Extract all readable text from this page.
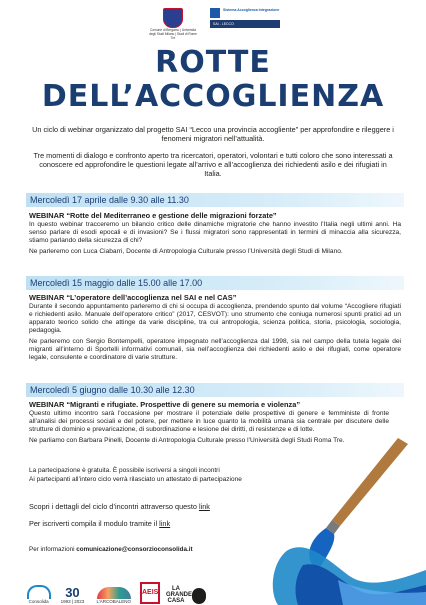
Comune di Bergamo | Università degli Studi Milano | Studi di Rome Tre
Sistema Accoglienza Integrazione
SAI - LECCO
ROTTE
DELL’ACCOGLIENZA
Un ciclo di webinar organizzato dal progetto SAI “Lecco una provincia accogliente” per approfondire e rileggere i fenomeni migratori nell’attualità.
Tre momenti di dialogo e confronto aperto tra ricercatori, operatori, volontari e tutti coloro che sono interessati a conoscere ed approfondire le questioni legate all’arrivo e all’accoglienza dei richiedenti asilo e dei rifugiati in Italia.
Mercoledì 17 aprile dalle 9.30 alle 11.30
WEBINAR “Rotte del Mediterraneo e gestione delle migrazioni forzate”

In questo webinar tracceremo un bilancio critico delle dinamiche migratorie che hanno investito l’Italia negli ultimi anni. Ha senso parlare di esodi epocali e di invasioni? Se i flussi migratori sono rappresentati in termini di minaccia alla sicurezza, stiamo parlando della sicurezza di chi?

Ne parleremo con Luca Ciabarri, Docente di Antropologia Culturale presso l’Università degli Studi di Milano.

Mercoledì 15 maggio dalle 15.00 alle 17.00
WEBINAR “L’operatore dell’accoglienza nel SAI e nel CAS”

Durante il secondo appuntamento parleremo di chi si occupa di accoglienza, prendendo spunto dal volume “Accogliere rifugiati e richiedenti asilo. Manuale dell’operatore critico” (2017, CESVOT): uno strumento che coniuga numerosi spunti pratici ad un apparato teorico solido che attinge da varie discipline, tra cui antropologia, scienza politica, storia, psicologia, sociologia, pedagogia.

Ne parleremo con Sergio Bontempelli, operatore impegnato nell’accoglienza dal 1998, sia nel campo della tutela legale dei migranti all’interno di Sportelli informativi comunali, sia nell’accoglienza dei richiedenti asilo e dei rifugiati, come operatore legale, consulente e coordinatore di varie strutture.

Mercoledì 5 giugno dalle 10.30 alle 12.30
WEBINAR “Migranti e rifugiate. Prospettive di genere su memoria e violenza”

Questo ultimo incontro sarà l’occasione per mostrare il potenziale delle prospettive di genere e femministe di fronte all’analisi dei processi sociali e del potere, per mettere in luce quanto la mobilità umana sia centrale per discutere delle strutture di dominio e prevaricazione, di subordinazione e lesione dei diritti, di resistenze e di lotte.

Ne parliamo con Barbara Pinelli, Docente di Antropologia Culturale presso l’Università degli Studi Roma Tre.

La partecipazione è gratuita. È possibile iscriversi a singoli incontri
Ai partecipanti all’intero ciclo verrà rilasciato un attestato di partecipazione
Scopri i dettagli del ciclo d’incontri attraverso questo link
Per iscriverti compila il modulo tramite il link
Per informazioni comunicazione@consorzioconsolida.it
Consolida
30
1993 | 2023	L’ARCOBALENO
AEIS	LA GRANDE CASA
